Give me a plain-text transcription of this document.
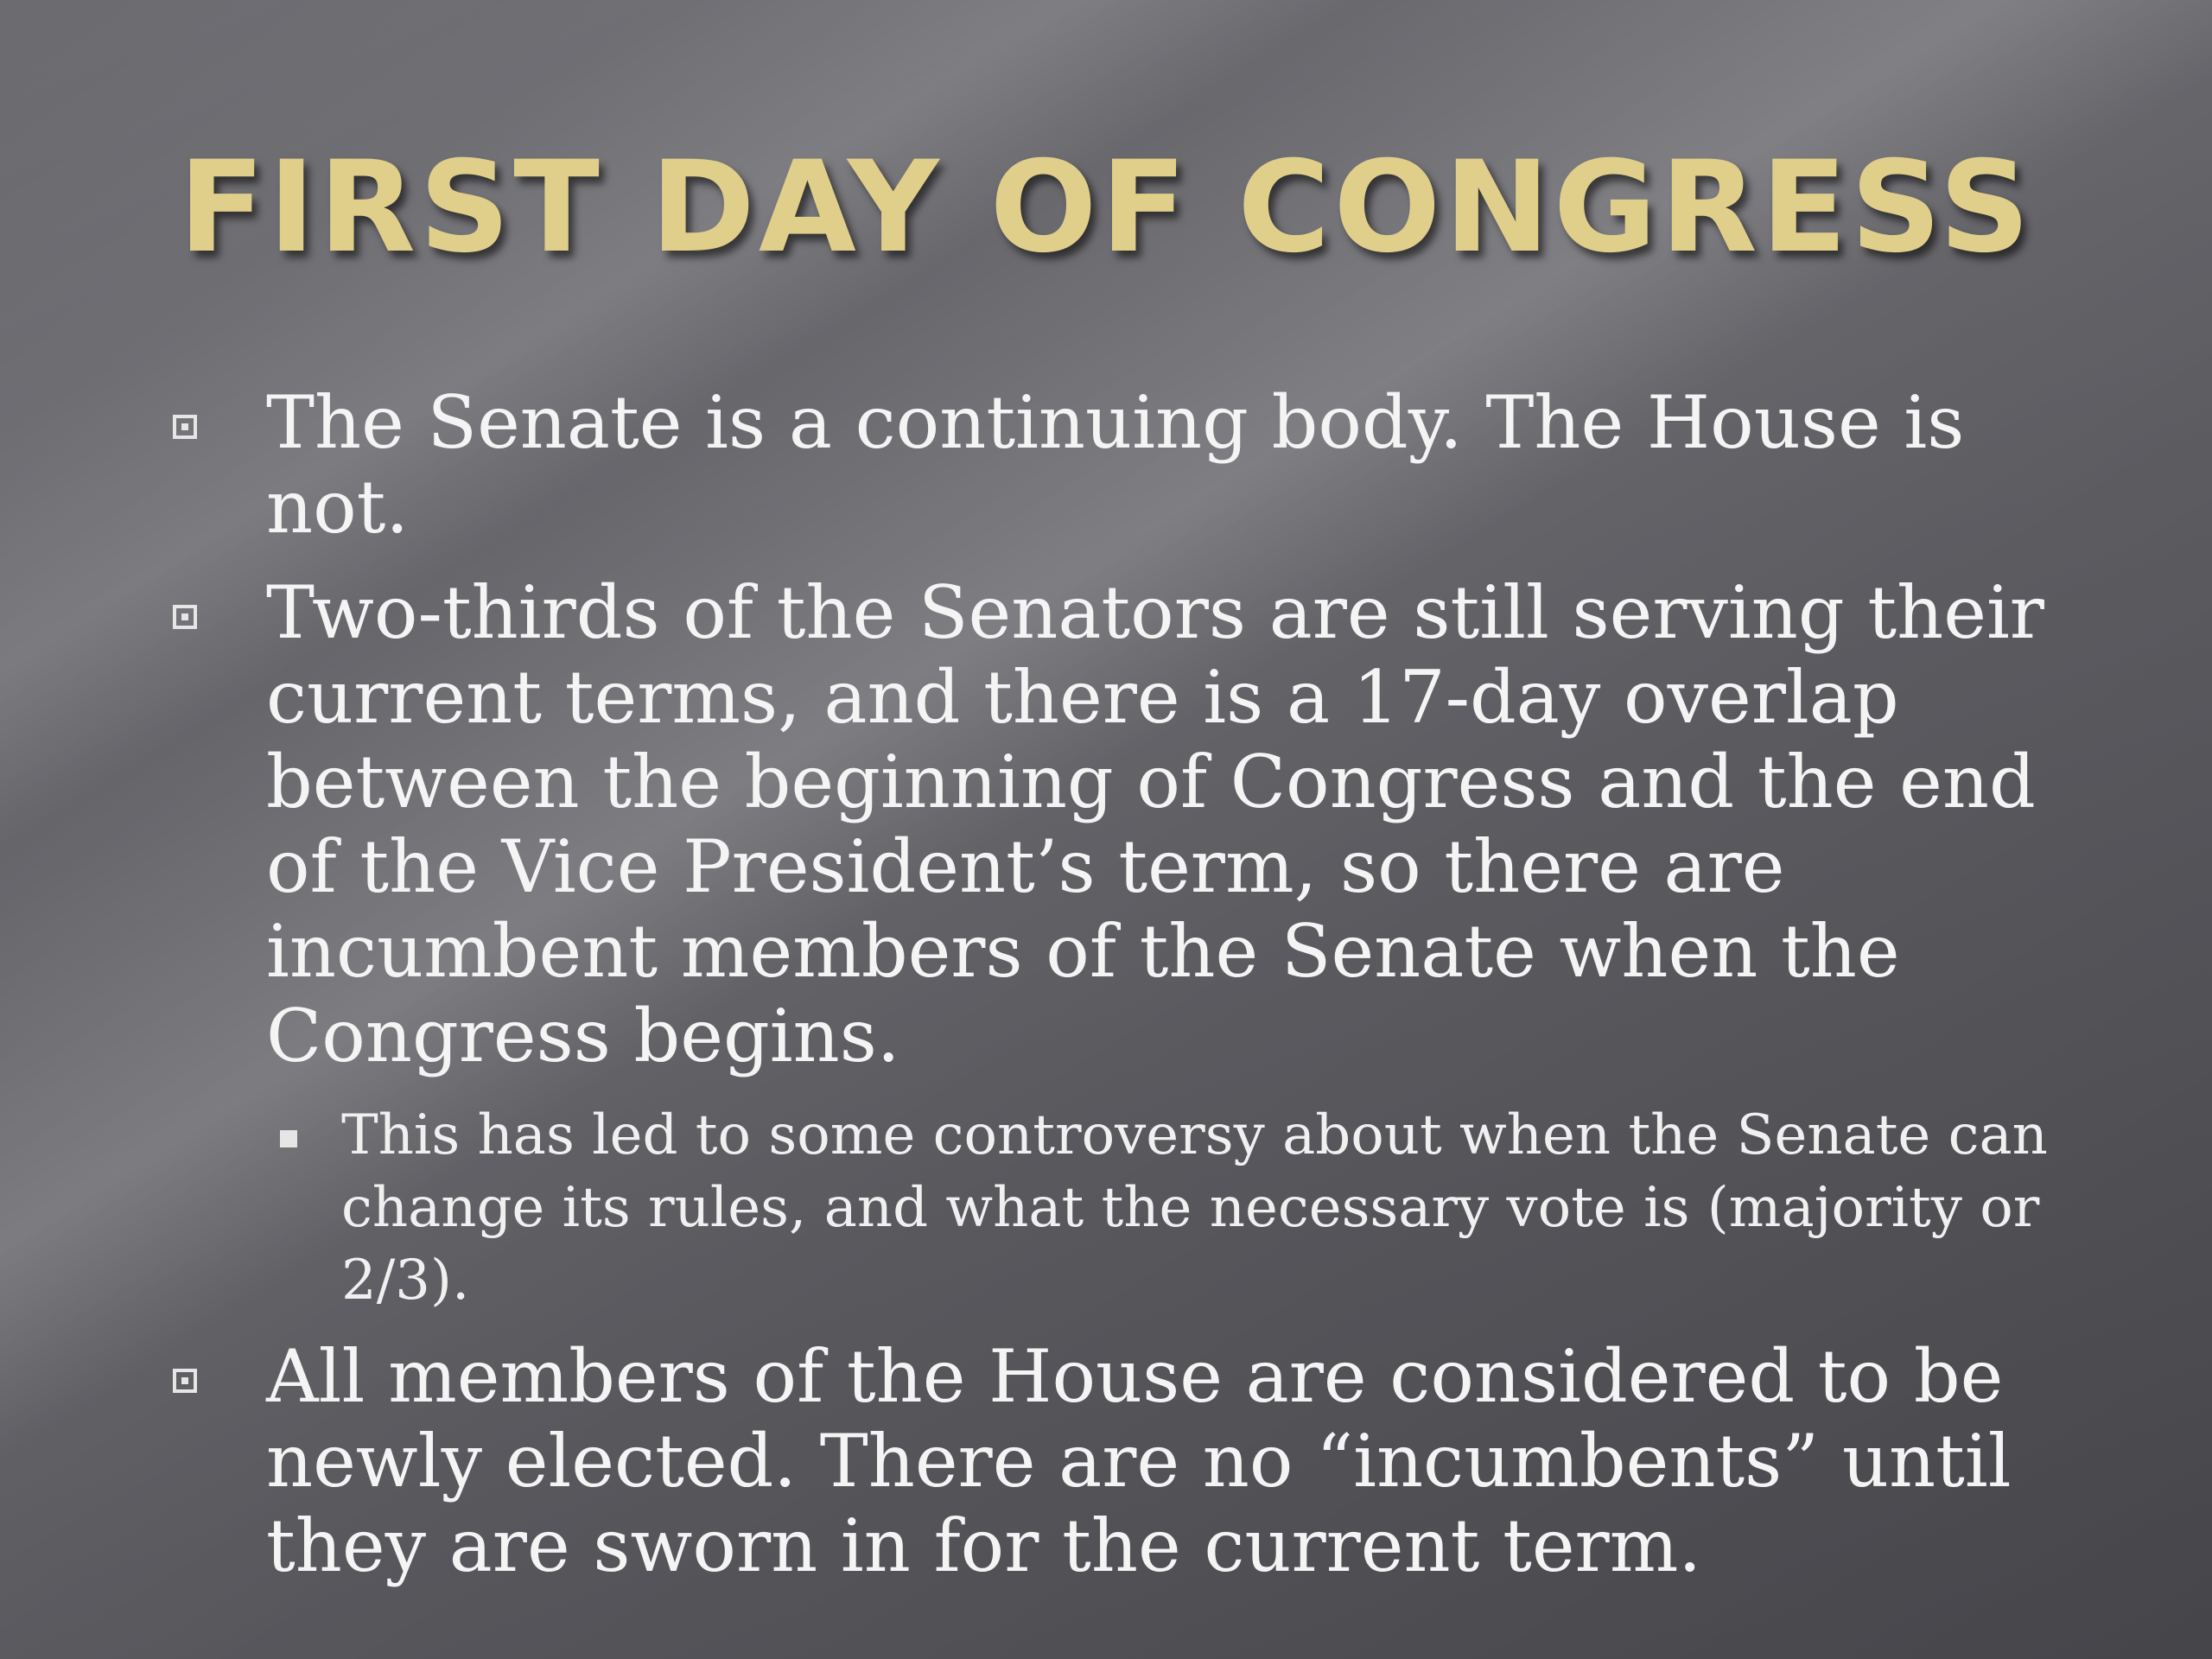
FIRST DAY OF CONGRESS
The Senate is a continuing body. The House is not.
Two-thirds of the Senators are still serving their current terms, and there is a 17-day overlap between the beginning of Congress and the end of the Vice President’s term, so there are incumbent members of the Senate when the Congress begins.
This has led to some controversy about when the Senate can change its rules, and what the necessary vote is (majority or 2/3).
All members of the House are considered to be newly elected. There are no “incumbents” until they are sworn in for the current term.
